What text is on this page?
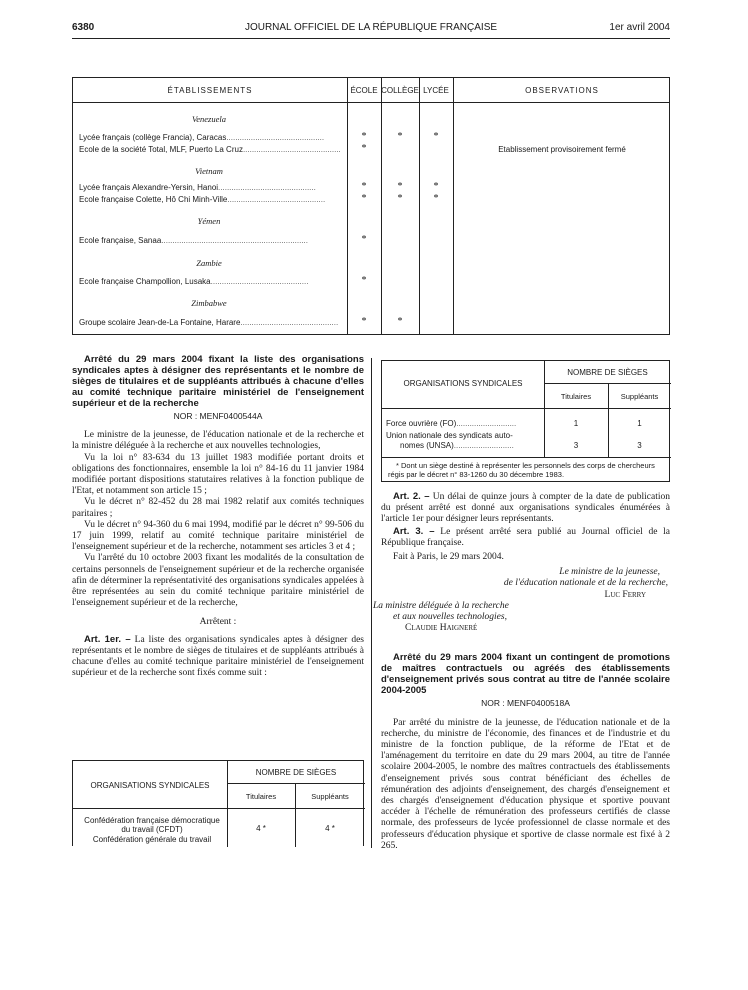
6380	JOURNAL OFFICIEL DE LA RÉPUBLIQUE FRANÇAISE	1er avril 2004
ÉTABLISSEMENTS	ÉCOLE COLLÈGE LYCÉE	OBSERVATIONS
Venezuela
Lycée français (collège Francia), Caracas............................................	*	*	*
Ecole de la société Total, MLF, Puerto La Cruz............................................	*	Etablissement provisoirement fermé
Vietnam
Lycée français Alexandre-Yersin, Hanoi............................................	*	*	*
Ecole française Colette, Hô Chi Minh-Ville............................................	*	*	*
Yémen
Ecole française, Sanaa..................................................................	*
Zambie
Ecole française Champollion, Lusaka............................................	*
Zimbabwe
Groupe scolaire Jean-de-La Fontaine, Harare............................................	*	*

Arrêté du 29 mars 2004 fixant la liste des organisations syndicales aptes à désigner des représentants et le nombre de sièges de titulaires et de suppléants attribués à chacune d'elles au comité technique paritaire ministériel de l'enseignement supérieur et de la recherche

NOR : MENF0400544A

Le ministre de la jeunesse, de l'éducation nationale et de la recherche et la ministre déléguée à la recherche et aux nouvelles technologies,

Vu la loi n° 83-634 du 13 juillet 1983 modifiée portant droits et obligations des fonctionnaires, ensemble la loi n° 84-16 du 11 janvier 1984 modifiée portant dispositions statutaires relatives à la fonction publique de l'Etat, et notamment son article 15 ;

Vu le décret n° 82-452 du 28 mai 1982 relatif aux comités techniques paritaires ;

Vu le décret n° 94-360 du 6 mai 1994, modifié par le décret n° 99-506 du 17 juin 1999, relatif au comité technique paritaire ministériel de l'enseignement supérieur et de la recherche, notamment ses articles 3 et 4 ;

Vu l'arrêté du 10 octobre 2003 fixant les modalités de la consultation de certains personnels de l'enseignement supérieur et de la recherche organisée afin de déterminer la représentativité des organisations syndicales appelées à être représentées au sein du comité technique paritaire ministériel de l'enseignement supérieur et de la recherche,

Arrêtent :

Art. 1er. – La liste des organisations syndicales aptes à désigner des représentants et le nombre de sièges de titulaires et de suppléants attribués à chacune d'elles au comité technique paritaire ministériel de l'enseignement supérieur et de la recherche sont fixés comme suit :

ORGANISATIONS SYNDICALES
NOMBRE DE SIÈGES
Titulaires	Suppléants
Confédération française démocratique
du travail (CFDT)	4 *	4 *
Confédération générale du travail
ORGANISATIONS SYNDICALES
NOMBRE DE SIÈGES
Titulaires	Suppléants
Force ouvrière (FO)...........................	1	1
Union nationale des syndicats auto-
nomes (UNSA)...........................	3	3
* Dont un siège destiné à représenter les personnels des corps de chercheurs régis par le décret n° 83-1260 du 30 décembre 1983.

Art. 2. – Un délai de quinze jours à compter de la date de publication du présent arrêté est donné aux organisations syndicales énumérées à l'article 1er pour désigner leurs représentants.

Art. 3. – Le présent arrêté sera publié au Journal officiel de la République française.

Fait à Paris, le 29 mars 2004.

Le ministre de la jeunesse,

de l'éducation nationale et de la recherche,

Luc Ferry

La ministre déléguée à la recherche

et aux nouvelles technologies,

Claudie Haigneré

Arrêté du 29 mars 2004 fixant un contingent de promotions de maîtres contractuels ou agréés des établissements d'enseignement privés sous contrat au titre de l'année scolaire 2004-2005

NOR : MENF0400518A

Par arrêté du ministre de la jeunesse, de l'éducation nationale et de la recherche, du ministre de l'économie, des finances et de l'industrie et du ministre de la fonction publique, de la réforme de l'Etat et de l'aménagement du territoire en date du 29 mars 2004, au titre de l'année scolaire 2004-2005, le nombre des maîtres contractuels des établissements d'enseignement privés sous contrat bénéficiant des échelles de rémunération des adjoints d'enseignement, des chargés d'enseignement et des chargés d'enseignement d'éducation physique et sportive pouvant accéder à l'échelle de rémunération des professeurs certifiés de classe normale, des professeurs de lycée professionnel de classe normale et des professeurs d'éducation physique et sportive de classe normale est fixé à 2 265.
